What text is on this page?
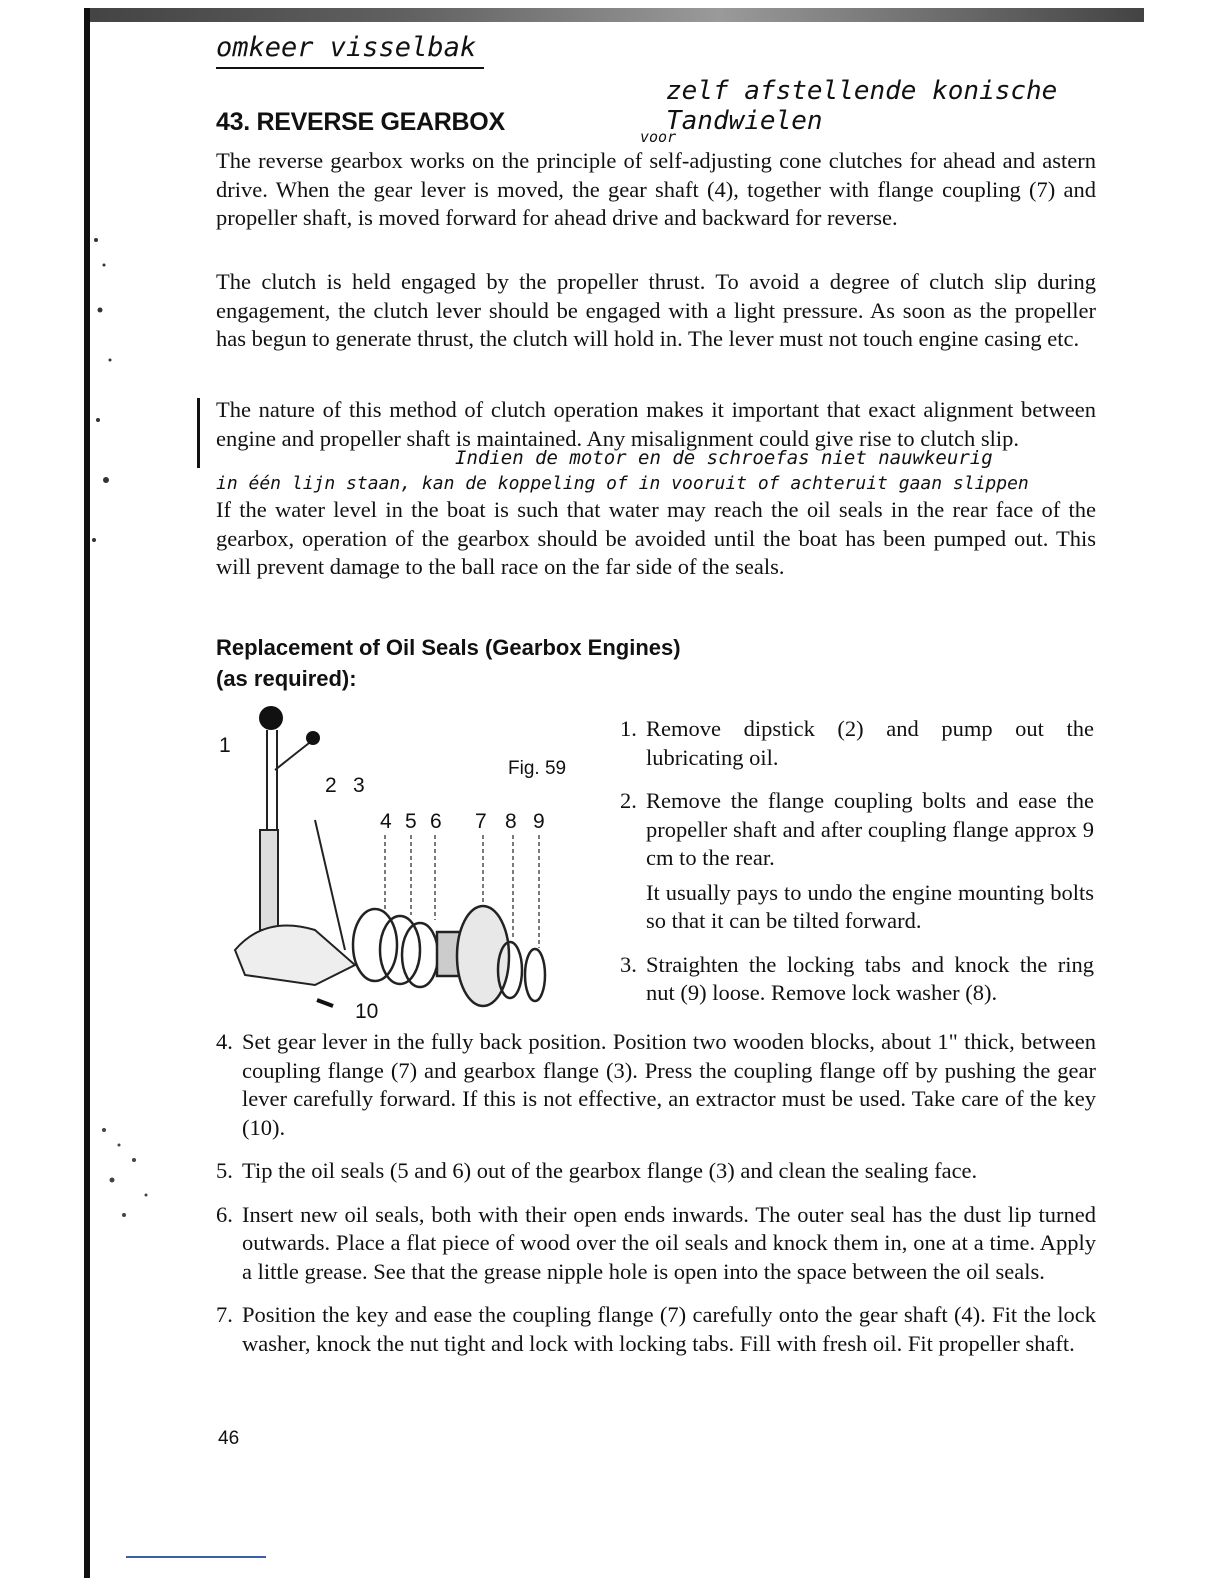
omkeer visselbak
zelf afstellende konische Tandwielen
voor
43. REVERSE GEARBOX

The reverse gearbox works on the principle of self-adjusting cone clutches for ahead and astern drive. When the gear lever is moved, the gear shaft (4), together with flange coupling (7) and propeller shaft, is moved forward for ahead drive and backward for reverse.

The clutch is held engaged by the propeller thrust. To avoid a degree of clutch slip during engagement, the clutch lever should be engaged with a light pressure. As soon as the propeller has begun to generate thrust, the clutch will hold in. The lever must not touch engine casing etc.

The nature of this method of clutch operation makes it important that exact alignment between engine and propeller shaft is maintained. Any misalignment could give rise to clutch slip.

Indien de motor en de schroefas niet nauwkeurig
in één lijn staan, kan de koppeling of in vooruit of achteruit gaan slippen

If the water level in the boat is such that water may reach the oil seals in the rear face of the gearbox, operation of the gearbox should be avoided until the boat has been pumped out. This will prevent damage to the ball race on the far side of the seals.

Replacement of Oil Seals (Gearbox Engines)
(as required):
1
2 3
4 5 6 7 8 9
10
Fig. 59
1. Remove dipstick (2) and pump out the lubricating oil.
2. Remove the flange coupling bolts and ease the propeller shaft and after coupling flange approx 9 cm to the rear.
It usually pays to undo the engine mounting bolts so that it can be tilted forward.
3. Straighten the locking tabs and knock the ring nut (9) loose. Remove lock washer (8).
4. Set gear lever in the fully back position. Position two wooden blocks, about 1" thick, between coupling flange (7) and gearbox flange (3). Press the coupling flange off by pushing the gear lever carefully forward. If this is not effective, an extractor must be used. Take care of the key (10).
5. Tip the oil seals (5 and 6) out of the gearbox flange (3) and clean the sealing face.
6. Insert new oil seals, both with their open ends inwards. The outer seal has the dust lip turned outwards. Place a flat piece of wood over the oil seals and knock them in, one at a time. Apply a little grease. See that the grease nipple hole is open into the space between the oil seals.
7. Position the key and ease the coupling flange (7) carefully onto the gear shaft (4). Fit the lock washer, knock the nut tight and lock with locking tabs. Fill with fresh oil. Fit propeller shaft.
46
